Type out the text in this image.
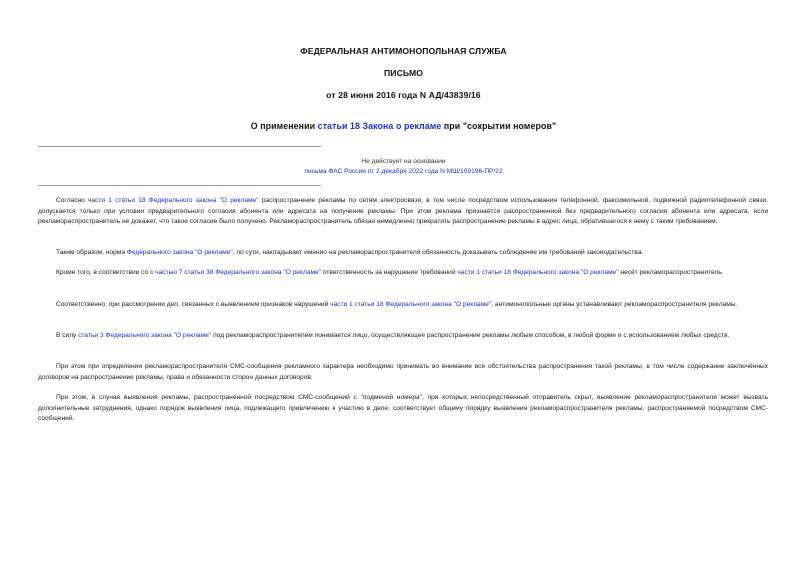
ФЕДЕРАЛЬНАЯ АНТИМОНОПОЛЬНАЯ СЛУЖБА
ПИСЬМО
от 28 июня 2016 года N АД/43839/16
О применении статьи 18 Закона о рекламе при "сокрытии номеров"
Не действует на основании
письма ФАС России от 2 декабря 2022 года N МШ/109196-ПР/22
Согласно части 1 статьи 18 Федерального закона "О рекламе" распространение рекламы по сетям электросвязи, в том числе посредством использования телефонной, факсимильной, подвижной радиотелефонной связи, допускается только при условии предварительного согласия абонента или адресата на получение рекламы. При этом реклама признаётся распространенной без предварительного согласия абонента или адресата, если рекламораспространитель не докажет, что такое согласие было получено. Рекламораспространитель обязан немедленно прекратить распространение рекламы в адрес лица, обратившегося к нему с таким требованием.
Таким образом, норма Федерального закона "О рекламе", по сути, накладывает именно на рекламораспространителя обязанность доказывать соблюдение им требований законодательства.
Кроме того, в соответствии со с частью 7 статьи 38 Федерального закона "О рекламе" ответственность за нарушение требований части 1 статьи 18 Федерального закона "О рекламе" несёт рекламораспространитель.
Соответственно, при рассмотрении дел, связанных с выявлением признаков нарушений части 1 статьи 18 Федерального закона "О рекламе", антимонопольные органы устанавливают рекламораспространителя рекламы.
В силу статьи 3 Федерального закона "О рекламе" под рекламораспространителем понимается лицо, осуществляющее распространение рекламы любым способом, в любой форме и с использованием любых средств.
При этом при определении рекламораспространителя СМС-сообщения рекламного характера необходимо принимать во внимание все обстоятельства распространения такой рекламы, в том числе содержание заключённых договоров на распространение рекламы, права и обязанности сторон данных договоров.
При этом, в случае выявления рекламы, распространённой посредством СМС-сообщений с "подменой номера", при которых непосредственный отправитель скрыт, выявление рекламораспространителя может вызвать дополнительные затруднения, однако порядок выявления лица, подлежащего привлечению к участию в деле, соответствует общему порядку выявления рекламораспространителя рекламы, распространяемой посредством СМС-сообщений.
